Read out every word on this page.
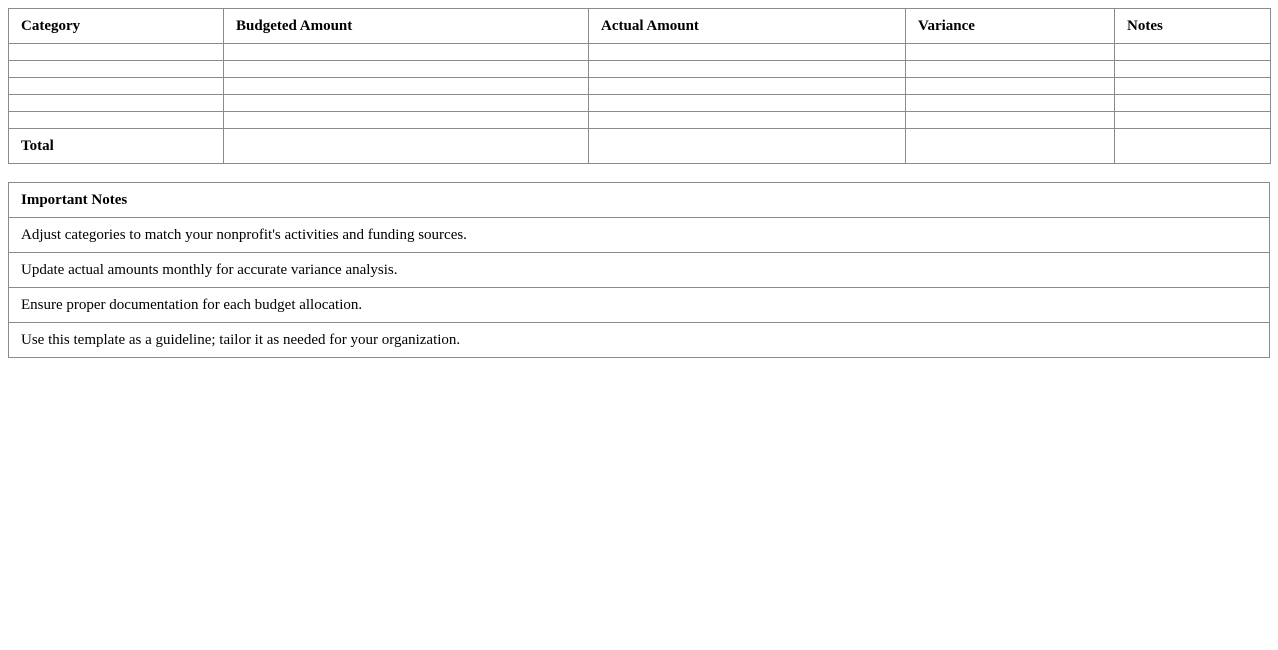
Category	Budgeted Amount	Actual Amount	Variance	Notes

Total				
Important Notes
Adjust categories to match your nonprofit's activities and funding sources.
Update actual amounts monthly for accurate variance analysis.
Ensure proper documentation for each budget allocation.
Use this template as a guideline; tailor it as needed for your organization.
